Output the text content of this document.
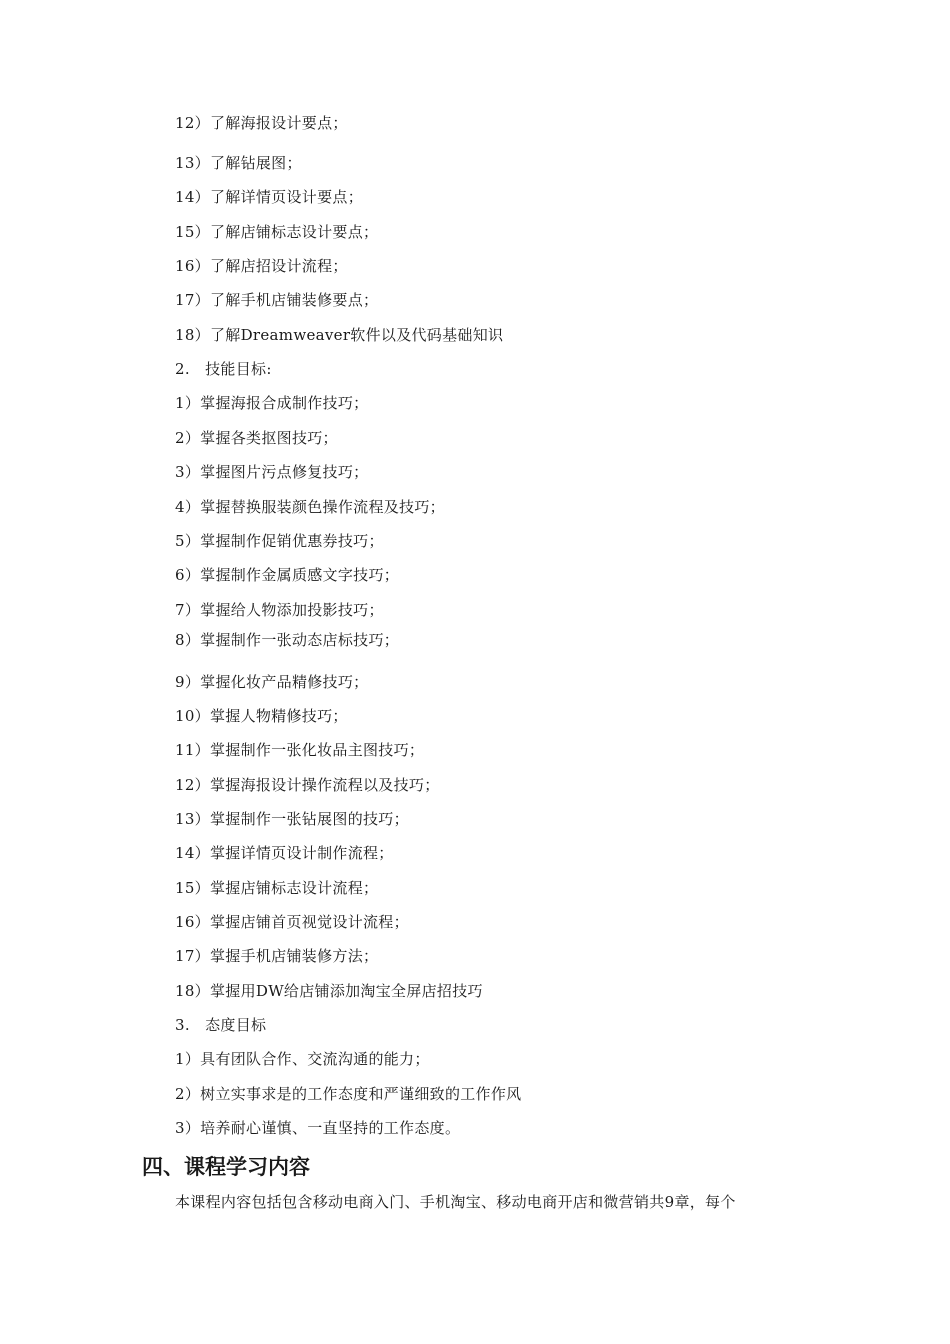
12）了解海报设计要点；
13）了解钻展图；
14）了解详情页设计要点；
15）了解店铺标志设计要点；
16）了解店招设计流程；
17）了解手机店铺装修要点；
18）了解Dreamweaver软件以及代码基础知识
2.   技能目标:
1）掌握海报合成制作技巧；
2）掌握各类抠图技巧；
3）掌握图片污点修复技巧；
4）掌握替换服装颜色操作流程及技巧；
5）掌握制作促销优惠券技巧；
6）掌握制作金属质感文字技巧；
7）掌握给人物添加投影技巧；
8）掌握制作一张动态店标技巧；
9）掌握化妆产品精修技巧；
10）掌握人物精修技巧；
11）掌握制作一张化妆品主图技巧；
12）掌握海报设计操作流程以及技巧；
13）掌握制作一张钻展图的技巧；
14）掌握详情页设计制作流程；
15）掌握店铺标志设计流程；
16）掌握店铺首页视觉设计流程；
17）掌握手机店铺装修方法；
18）掌握用DW给店铺添加淘宝全屏店招技巧
3.   态度目标
1）具有团队合作、交流沟通的能力；
2）树立实事求是的工作态度和严谨细致的工作作风
3）培养耐心谨慎、一直坚持的工作态度。
四、课程学习内容
本课程内容包括包含移动电商入门、手机淘宝、移动电商开店和微营销共9章，每个
